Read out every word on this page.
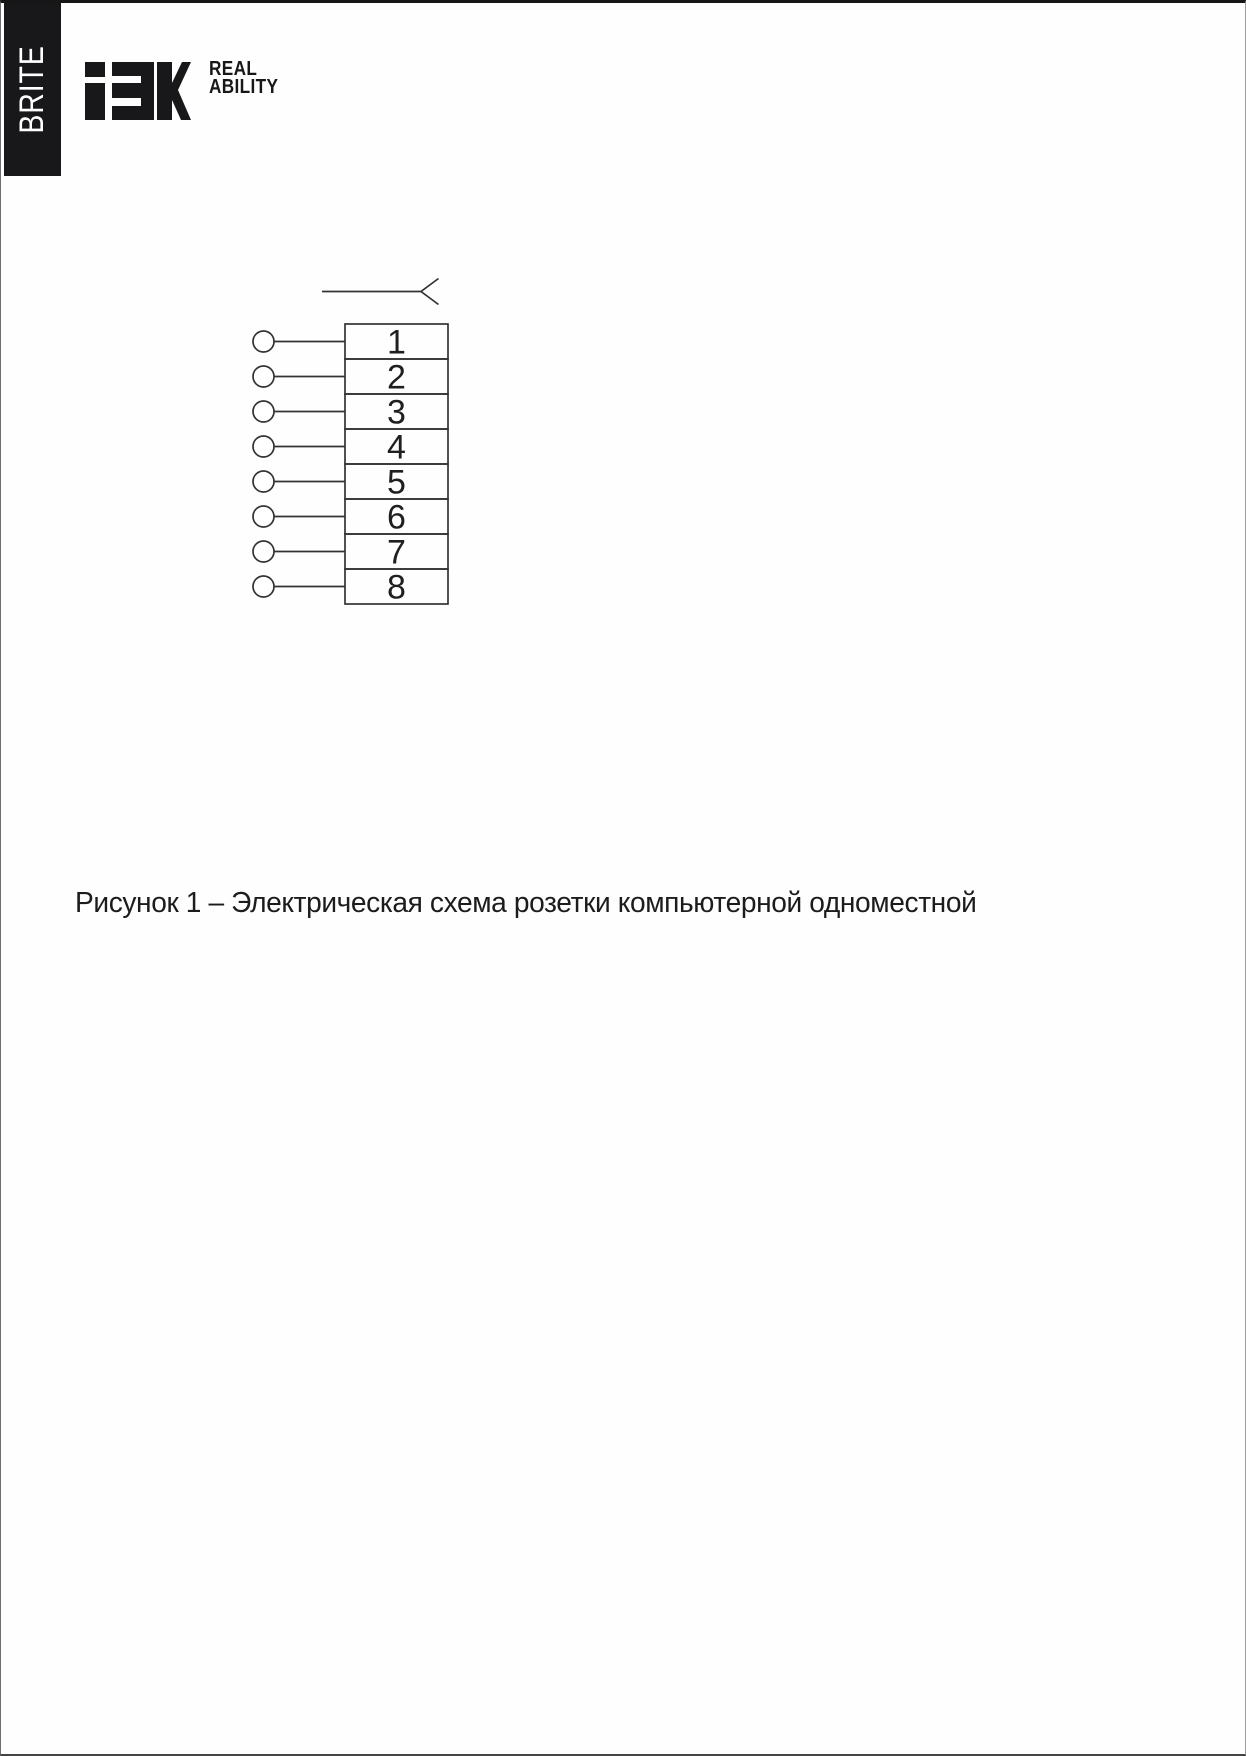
BRITE	REAL
ABILITY
1
2
3
4
5
6
7
8
Рисунок 1 – Электрическая схема розетки компьютерной одноместной
